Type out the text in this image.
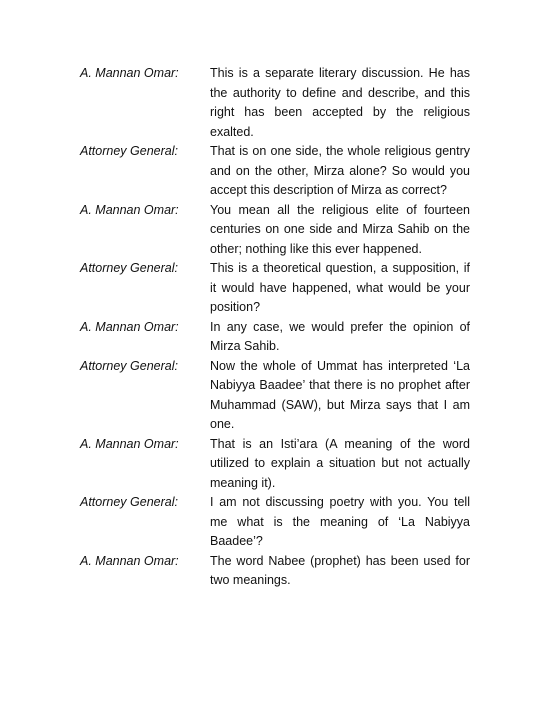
A. Mannan Omar:	This is a separate literary discussion. He has the authority to define and describe, and this right has been accepted by the religious exalted.
Attorney General:	That is on one side, the whole religious gentry and on the other, Mirza alone? So would you accept this description of Mirza as correct?
A. Mannan Omar:	You mean all the religious elite of fourteen centuries on one side and Mirza Sahib on the other; nothing like this ever happened.
Attorney General:	This is a theoretical question, a supposition, if it would have happened, what would be your position?
A. Mannan Omar:	In any case, we would prefer the opinion of Mirza Sahib.
Attorney General:	Now the whole of Ummat has interpreted ‘La Nabiyya Baadee’ that there is no prophet after Muhammad (SAW), but Mirza says that I am one.
A. Mannan Omar:	That is an Isti’ara (A meaning of the word utilized to explain a situation but not actually meaning it).
Attorney General:	I am not discussing poetry with you. You tell me what is the meaning of ‘La Nabiyya Baadee’?
A. Mannan Omar:	The word Nabee (prophet) has been used for two meanings.
